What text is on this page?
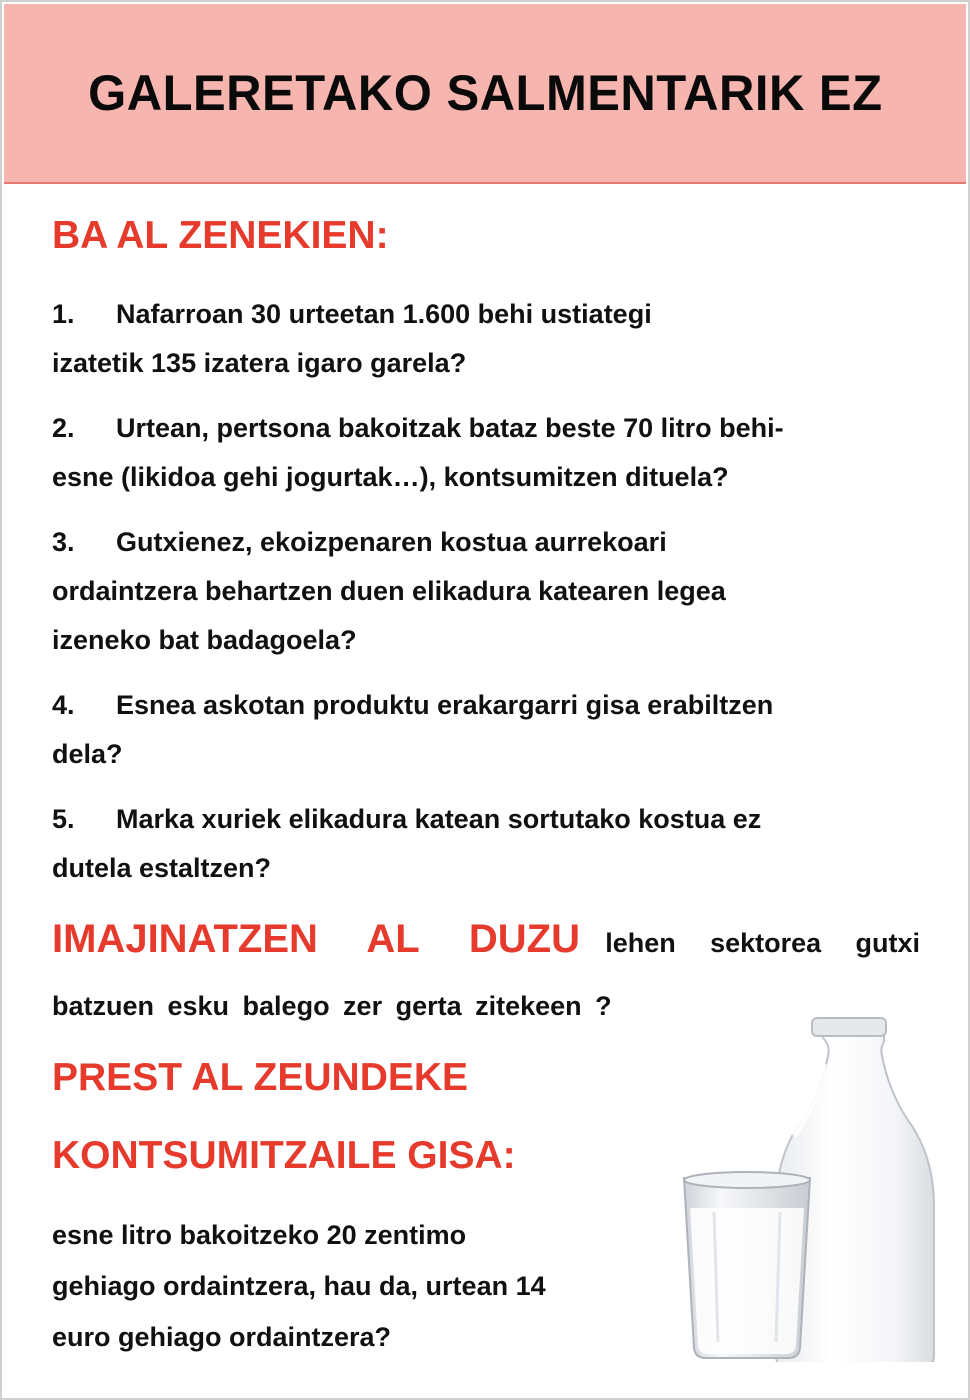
GALERETAKO SALMENTARIK EZ
BA AL ZENEKIEN:

1. Nafarroan 30 urteetan 1.600 behi ustiategi
izatetik 135 izatera igaro garela?

2. Urtean, pertsona bakoitzak bataz beste 70 litro behi-
esne (likidoa gehi jogurtak…), kontsumitzen dituela?

3. Gutxienez, ekoizpenaren kostua aurrekoari
ordaintzera behartzen duen elikadura katearen legea
izeneko bat badagoela?

4. Esnea askotan produktu erakargarri gisa erabiltzen
dela?

5. Marka xuriek elikadura katean sortutako kostua ez
dutela estaltzen?

IMAJINATZEN AL DUZU lehen sektorea gutxi batzuen esku balego zer gerta zitekeen ?

PREST AL ZEUNDEKE
KONTSUMITZAILE GISA:

esne litro bakoitzeko 20 zentimo
gehiago ordaintzera, hau da, urtean 14
euro gehiago ordaintzera?
